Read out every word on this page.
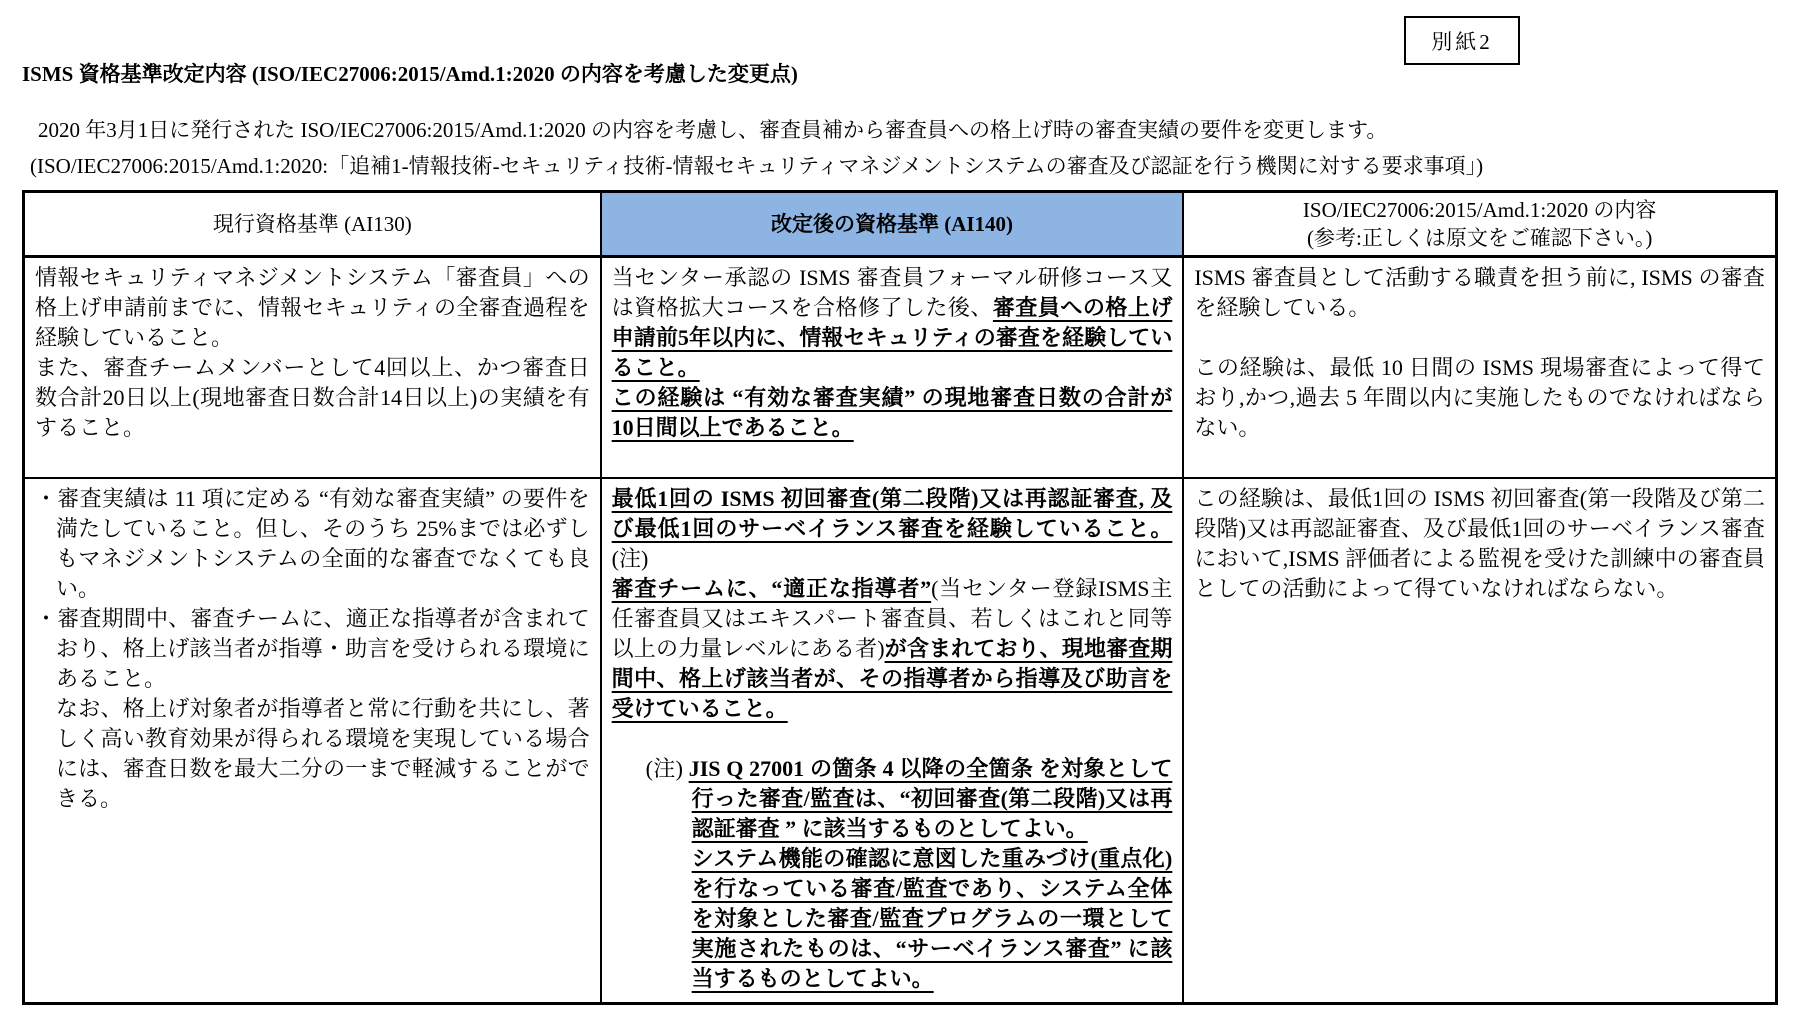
別紙2
ISMS 資格基準改定内容 (ISO/IEC27006:2015/Amd.1:2020 の内容を考慮した変更点)
2020 年3月1日に発行された ISO/IEC27006:2015/Amd.1:2020 の内容を考慮し、審査員補から審査員への格上げ時の審査実績の要件を変更します。
(ISO/IEC27006:2015/Amd.1:2020:「追補1-情報技術-セキュリティ技術-情報セキュリティマネジメントシステムの審査及び認証を行う機関に対する要求事項」)
現行資格基準 (AI130)	改定後の資格基準 (AI140)
ISO/IEC27006:2015/Amd.1:2020 の内容
(参考:正しくは原文をご確認下さい。)
情報セキュリティマネジメントシステム「審査員」への格上げ申請前までに、情報セキュリティの全審査過程を経験していること。
また、審査チームメンバーとして4回以上、かつ審査日数合計20日以上(現地審査日数合計14日以上)の実績を有すること。
当センター承認の ISMS 審査員フォーマル研修コース又は資格拡大コースを合格修了した後、審査員への格上げ申請前5年以内に、情報セキュリティの審査を経験していること。
この経験は “有効な審査実績” の現地審査日数の合計が10日間以上であること。
ISMS 審査員として活動する職責を担う前に, ISMS の審査を経験している。
この経験は、最低 10 日間の ISMS 現場審査によって得ており,かつ,過去 5 年間以内に実施したものでなければならない。
・審査実績は 11 項に定める “有効な審査実績” の要件を満たしていること。但し、そのうち 25%までは必ずしもマネジメントシステムの全面的な審査でなくても良い。
・審査期間中、審査チームに、適正な指導者が含まれており、格上げ該当者が指導・助言を受けられる環境にあること。
なお、格上げ対象者が指導者と常に行動を共にし、著しく高い教育効果が得られる環境を実現している場合には、審査日数を最大二分の一まで軽減することができる。
最低1回の ISMS 初回審査(第二段階)又は再認証審査, 及び最低1回のサーベイランス審査を経験していること。(注)
審査チームに、“適正な指導者”(当センター登録ISMS主任審査員又はエキスパート審査員、若しくはこれと同等以上の力量レベルにある者)が含まれており、現地審査期間中、格上げ該当者が、その指導者から指導及び助言を受けていること。
(注) JIS Q 27001 の箇条 4 以降の全箇条 を対象として行った審査/監査は、“初回審査(第二段階)又は再認証審査 ” に該当するものとしてよい。
システム機能の確認に意図した重みづけ(重点化)を行なっている審査/監査であり、システム全体を対象とした審査/監査プログラムの一環として実施されたものは、“サーベイランス審査” に該当するものとしてよい。
この経験は、最低1回の ISMS 初回審査(第一段階及び第二段階)又は再認証審査、及び最低1回のサーベイランス審査において,ISMS 評価者による監視を受けた訓練中の審査員としての活動によって得ていなければならない。
